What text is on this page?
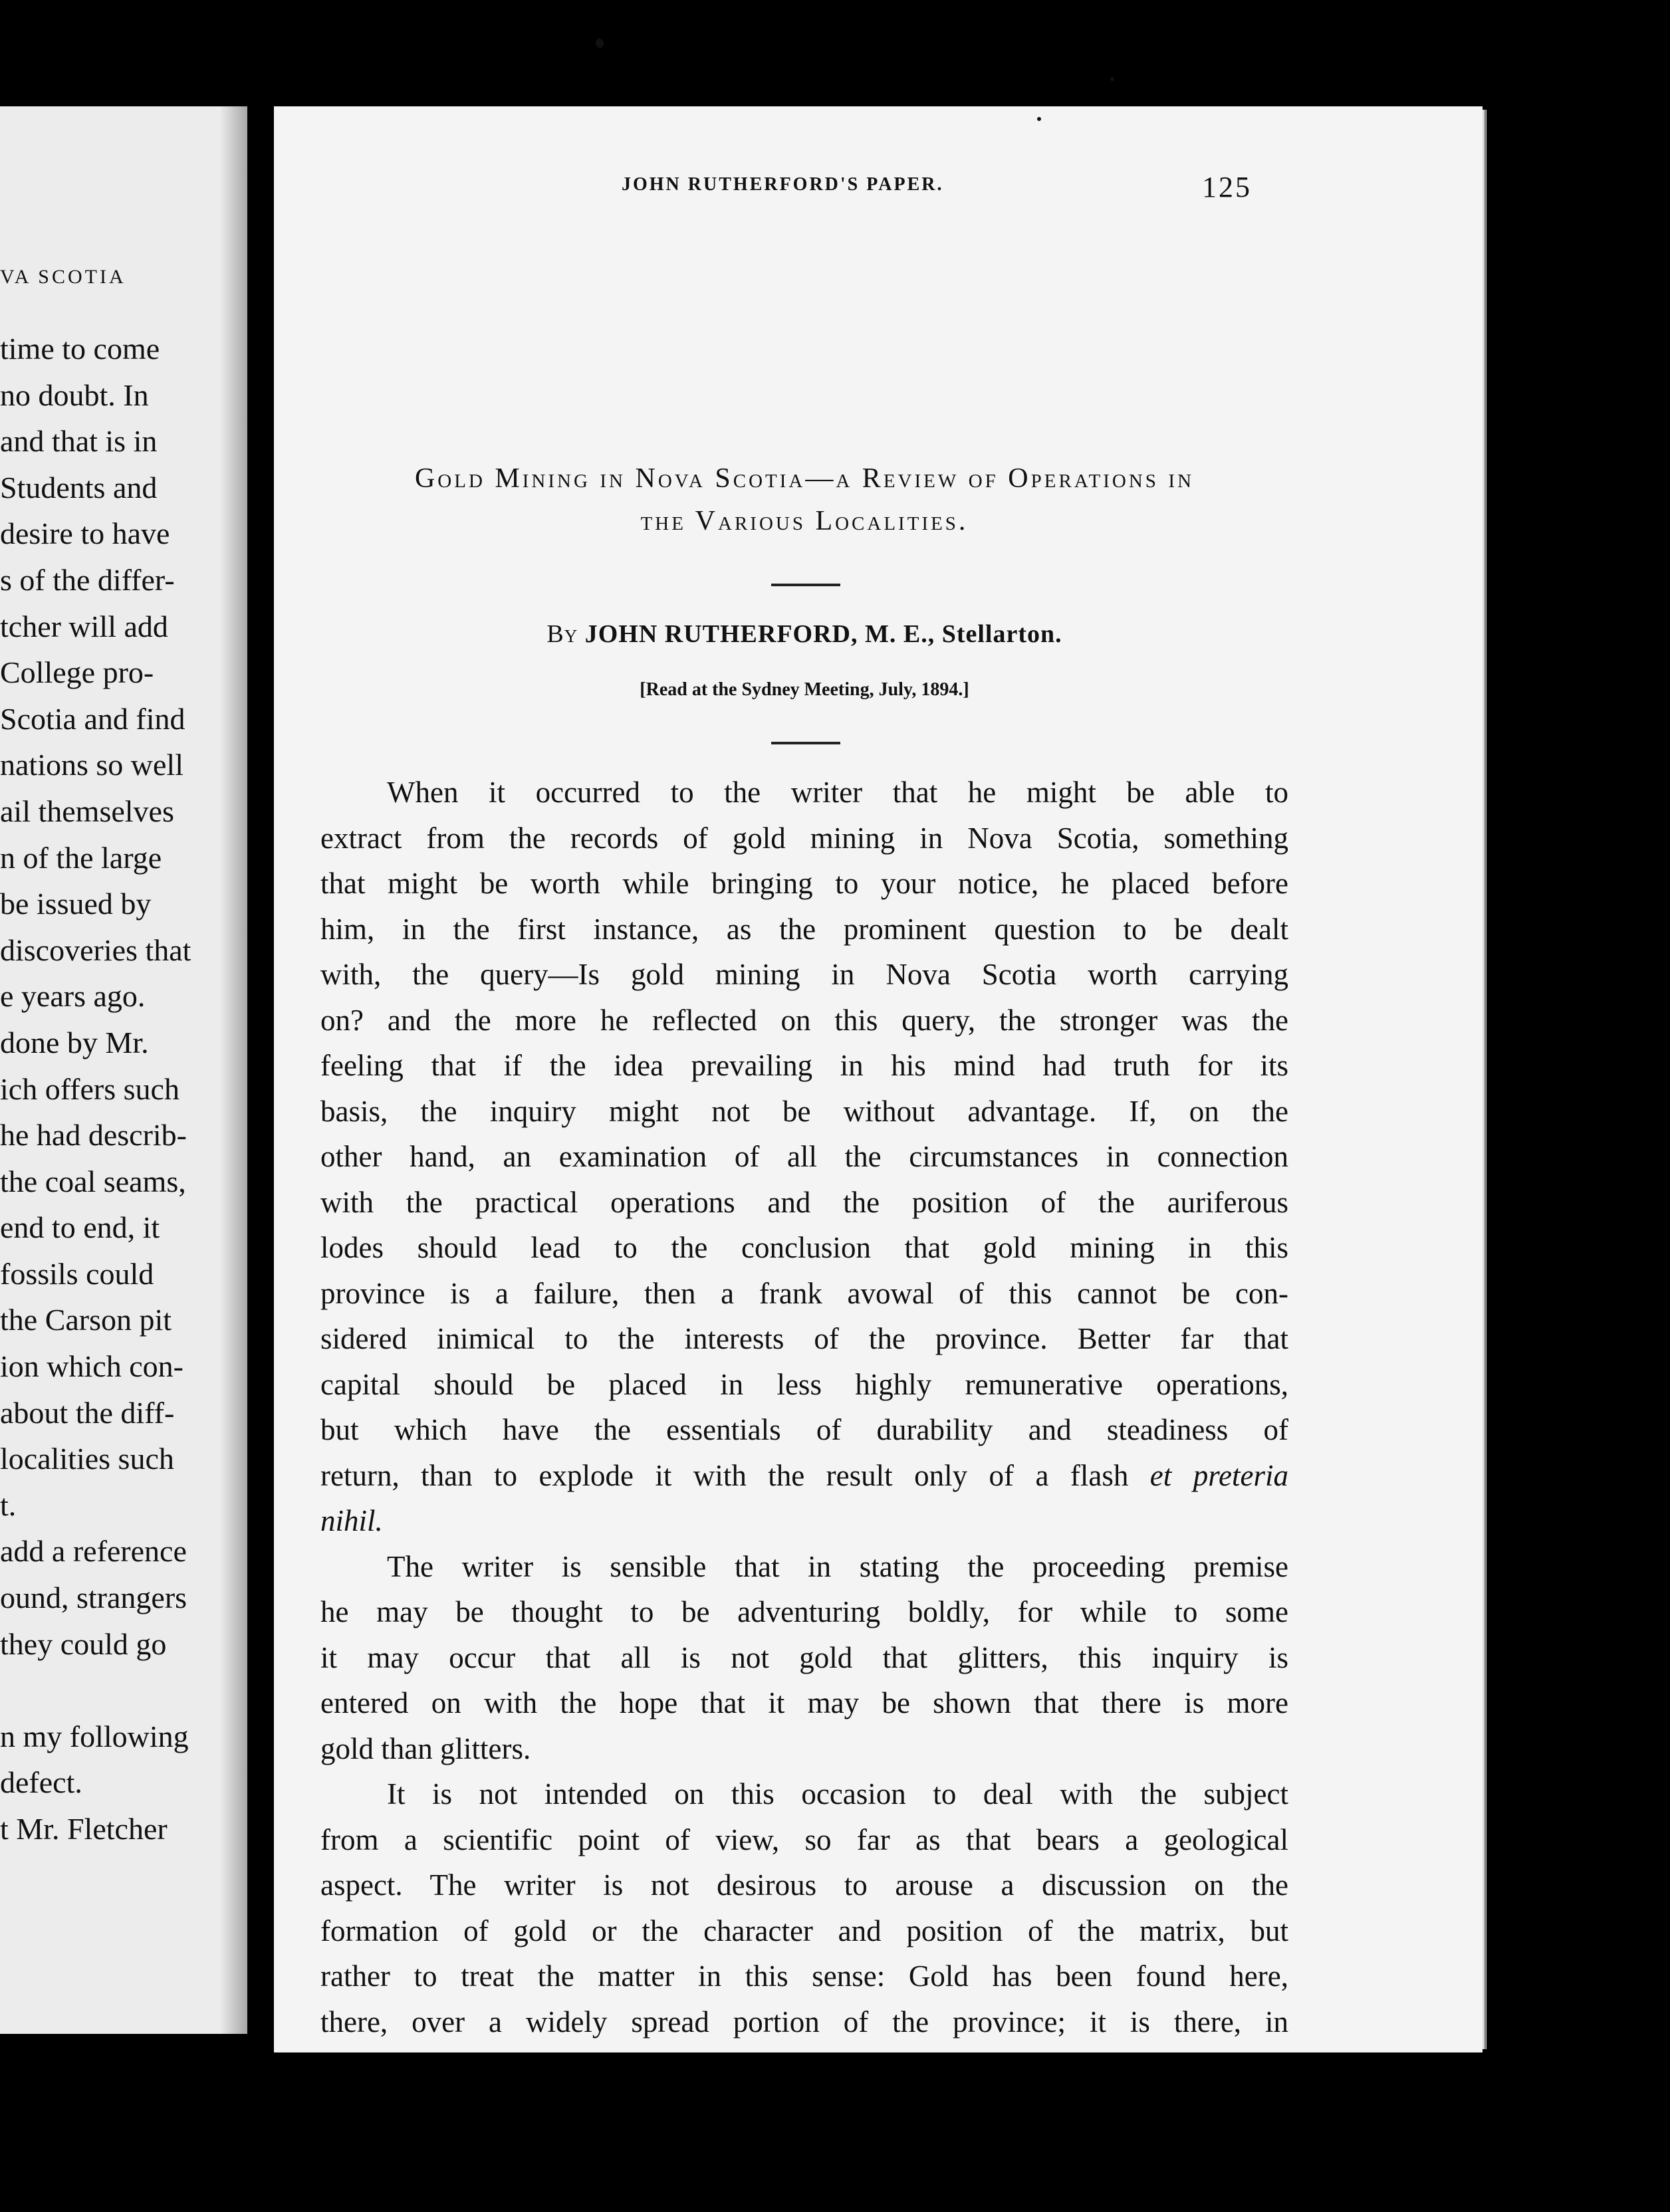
VA SCOTIA
time to come
no doubt. In
and that is in
Students and
desire to have
s of the differ-
tcher will add
College pro-
Scotia and find
nations so well
ail themselves
n of the large
be issued by
discoveries that
e years ago.
done by Mr.
ich offers such
he had describ-
the coal seams,
end to end, it
fossils could
the Carson pit
ion which con-
about the diff-
localities such
t.
add a reference
ound, strangers
they could go
n my following
defect.
t Mr. Fletcher
JOHN RUTHERFORD'S PAPER.	125
Gold Mining in Nova Scotia—a Review of Operations in
the Various Localities.
By JOHN RUTHERFORD, M. E., Stellarton.
[Read at the Sydney Meeting, July, 1894.]
When it occurred to the writer that he might be able to
extract from the records of gold mining in Nova Scotia, something
that might be worth while bringing to your notice, he placed before
him, in the first instance, as the prominent question to be dealt
with, the query—Is gold mining in Nova Scotia worth carrying
on? and the more he reflected on this query, the stronger was the
feeling that if the idea prevailing in his mind had truth for its
basis, the inquiry might not be without advantage. If, on the
other hand, an examination of all the circumstances in connection
with the practical operations and the position of the auriferous
lodes should lead to the conclusion that gold mining in this
province is a failure, then a frank avowal of this cannot be con-
sidered inimical to the interests of the province. Better far that
capital should be placed in less highly remunerative operations,
but which have the essentials of durability and steadiness of
return, than to explode it with the result only of a flash et preteria
nihil.
The writer is sensible that in stating the proceeding premise
he may be thought to be adventuring boldly, for while to some
it may occur that all is not gold that glitters, this inquiry is
entered on with the hope that it may be shown that there is more
gold than glitters.
It is not intended on this occasion to deal with the subject
from a scientific point of view, so far as that bears a geological
aspect. The writer is not desirous to arouse a discussion on the
formation of gold or the character and position of the matrix, but
rather to treat the matter in this sense: Gold has been found here,
there, over a widely spread portion of the province; it is there, in
